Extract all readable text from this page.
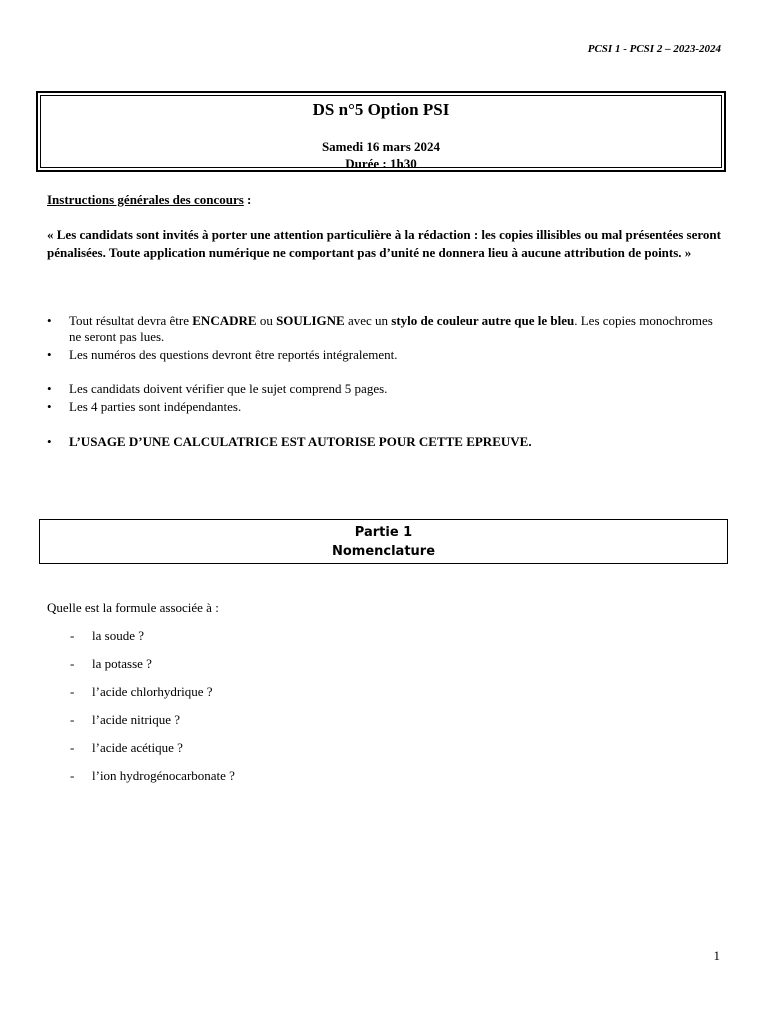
PCSI 1 - PCSI 2 – 2023-2024
DS n°5 Option PSI
Samedi 16 mars 2024
Durée : 1h30
Instructions générales des concours :
« Les candidats sont invités à porter une attention particulière à la rédaction : les copies illisibles ou mal présentées seront pénalisées. Toute application numérique ne comportant pas d’unité ne donnera lieu à aucune attribution de points. »
• Tout résultat devra être ENCADRE ou SOULIGNE avec un stylo de couleur autre que le bleu. Les copies monochromes ne seront pas lues.
• Les numéros des questions devront être reportés intégralement.
• Les candidats doivent vérifier que le sujet comprend 5 pages.
• Les 4 parties sont indépendantes.
• L’USAGE D’UNE CALCULATRICE EST AUTORISE POUR CETTE EPREUVE.
Partie 1
Nomenclature
Quelle est la formule associée à :
- la soude ?
- la potasse ?
- l’acide chlorhydrique ?
- l’acide nitrique ?
- l’acide acétique ?
- l’ion hydrogénocarbonate ?
1
